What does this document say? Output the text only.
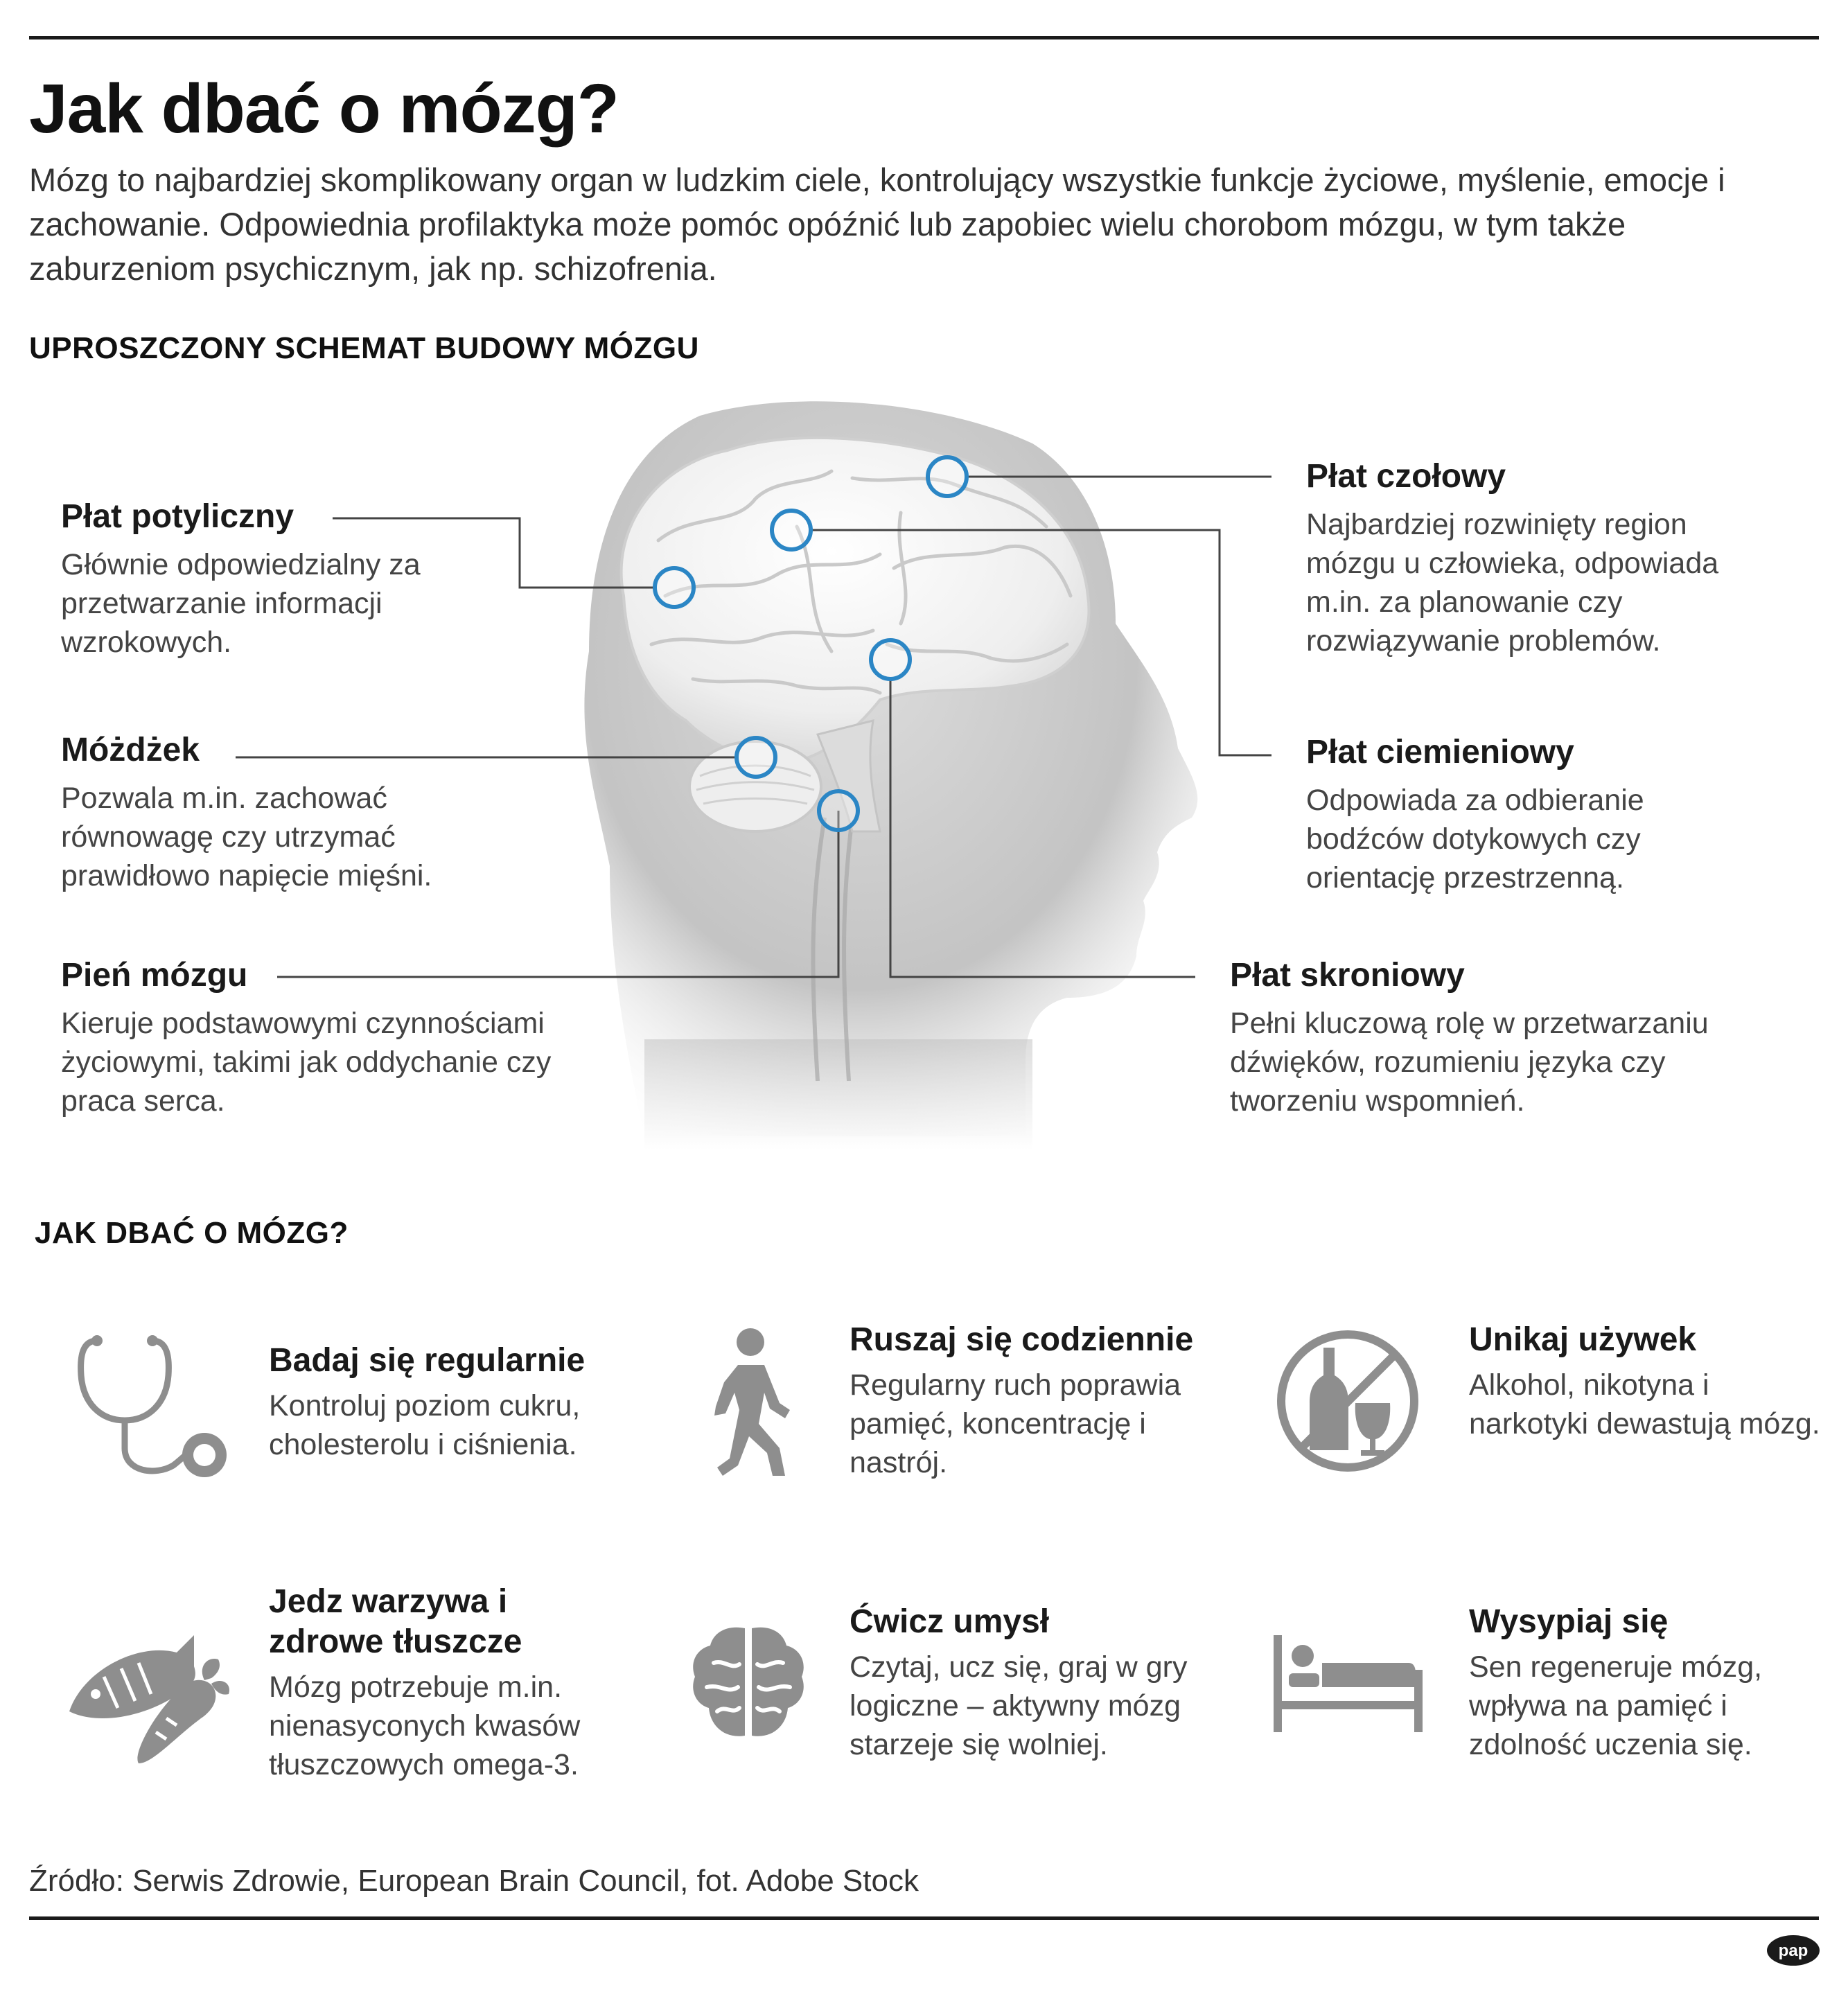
Jak dbać o mózg?

Mózg to najbardziej skomplikowany organ w ludzkim ciele, kontrolujący wszystkie funkcje życiowe, myślenie, emocje i zachowanie. Odpowiednia profilaktyka może pomóc opóźnić lub zapobiec wielu chorobom mózgu, w tym także zaburzeniom psychicznym, jak np. schizofrenia.

UPROSZCZONY SCHEMAT BUDOWY MÓZGU
Płat potyliczny

Głównie odpowiedzialny za przetwarzanie informacji wzrokowych.

Móżdżek

Pozwala m.in. zachować równowagę czy utrzymać prawidłowo napięcie mięśni.

Pień mózgu

Kieruje podstawowymi czynnościami życiowymi, takimi jak oddychanie czy praca serca.

Płat czołowy

Najbardziej rozwinięty region mózgu u człowieka, odpowiada m.in. za planowanie czy rozwiązywanie problemów.

Płat ciemieniowy

Odpowiada za odbieranie bodźców dotykowych czy orientację przestrzenną.

Płat skroniowy

Pełni kluczową rolę w przetwarzaniu dźwięków, rozumieniu języka czy tworzeniu wspomnień.

JAK DBAĆ O MÓZG?
Badaj się regularnie

Kontroluj poziom cukru, cholesterolu i ciśnienia.

Ruszaj się codziennie

Regularny ruch poprawia pamięć, koncentrację i nastrój.

Unikaj używek

Alkohol, nikotyna i narkotyki dewastują mózg.

Jedz warzywa i zdrowe tłuszcze

Mózg potrzebuje m.in. nienasyconych kwasów tłuszczowych omega-3.

Ćwicz umysł

Czytaj, ucz się, graj w gry logiczne – aktywny mózg starzeje się wolniej.

Wysypiaj się

Sen regeneruje mózg, wpływa na pamięć i zdolność uczenia się.

Źródło: Serwis Zdrowie, European Brain Council, fot. Adobe Stock
pap
